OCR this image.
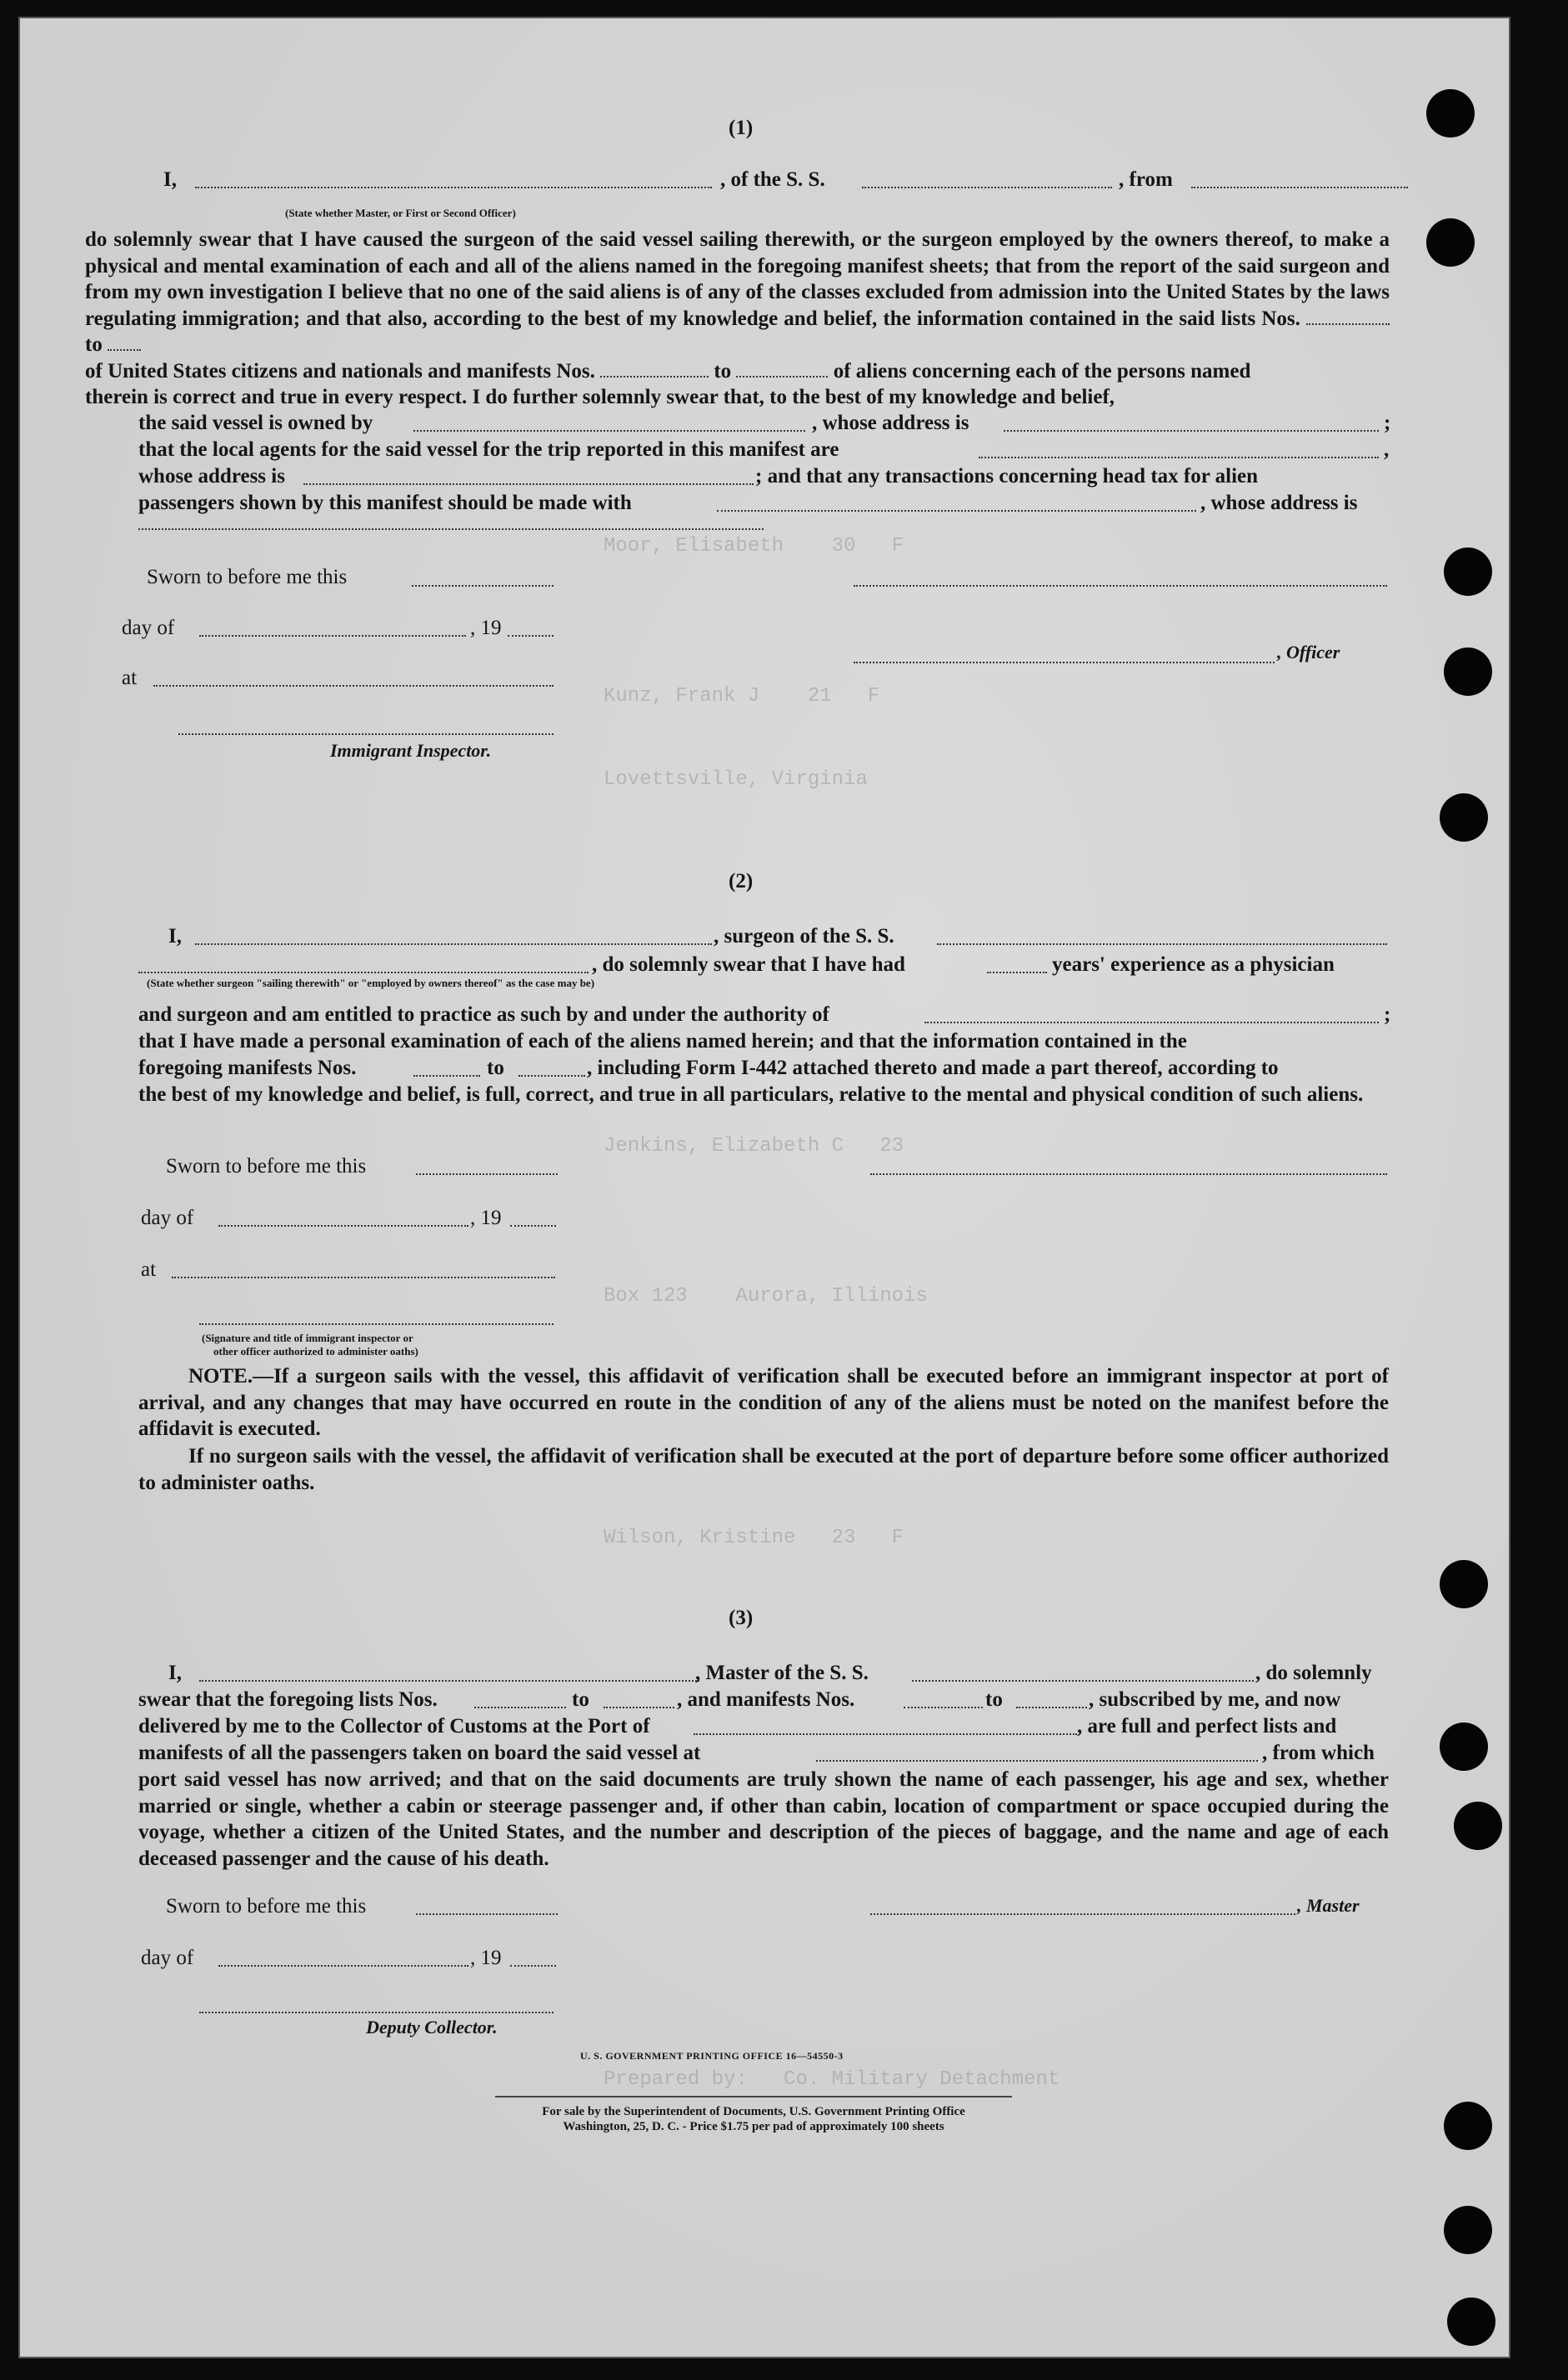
Moor, Elisabeth    30   F
Kunz, Frank J    21   F
Lovettsville, Virginia
Jenkins, Elizabeth C   23
Box 123    Aurora, Illinois
Wilson, Kristine   23   F
Prepared by:   Co. Military Detachment
(1)
I,	, of the S. S.	, from
(State whether Master, or First or Second Officer)
do solemnly swear that I have caused the surgeon of the said vessel sailing therewith, or the surgeon employed by the owners thereof, to make a physical and mental examination of each and all of the aliens named in the foregoing manifest sheets; that from the report of the said surgeon and from my own investigation I believe that no one of the said aliens is of any of the classes excluded from admission into the United States by the laws regulating immigration; and that also, according to the best of my knowledge and belief, the information contained in the said lists Nos.  to
of United States citizens and nationals and manifests Nos.	to	of aliens concerning each of the persons named
therein is correct and true in every respect. I do further solemnly swear that, to the best of my knowledge and belief,
the said vessel is owned by	, whose address is	;
that the local agents for the said vessel for the trip reported in this manifest are	,
whose address is	; and that any transactions concerning head tax for alien
passengers shown by this manifest should be made with	, whose address is
Sworn to before me this
day of	, 19
, Officer
at
Immigrant Inspector.
(2)
I,	, surgeon of the S. S.
, do solemnly swear that I have had	years' experience as a physician
(State whether surgeon "sailing therewith" or "employed by owners thereof" as the case may be)
and surgeon and am entitled to practice as such by and under the authority of	;
that I have made a personal examination of each of the aliens named herein; and that the information contained in the
foregoing manifests Nos.	to	, including Form I-442 attached thereto and made a part thereof, according to
the best of my knowledge and belief, is full, correct, and true in all particulars, relative to the mental and physical condition of such aliens.
Sworn to before me this
day of	, 19
at
(Signature and title of immigrant inspector or
other officer authorized to administer oaths)
NOTE.—If a surgeon sails with the vessel, this affidavit of verification shall be executed before an immigrant inspector at port of arrival, and any changes that may have occurred en route in the condition of any of the aliens must be noted on the manifest before the affidavit is executed.
If no surgeon sails with the vessel, the affidavit of verification shall be executed at the port of departure before some officer authorized to administer oaths.
(3)
I,	, Master of the S. S.	, do solemnly
swear that the foregoing lists Nos.	to	, and manifests Nos.	to	, subscribed by me, and now
delivered by me to the Collector of Customs at the Port of	, are full and perfect lists and
manifests of all the passengers taken on board the said vessel at	, from which
port said vessel has now arrived; and that on the said documents are truly shown the name of each passenger, his age and sex, whether married or single, whether a cabin or steerage passenger and, if other than cabin, location of compartment or space occupied during the voyage, whether a citizen of the United States, and the number and description of the pieces of baggage, and the name and age of each deceased passenger and the cause of his death.
Sworn to before me this	, Master
day of	, 19
Deputy Collector.
U. S. GOVERNMENT PRINTING OFFICE 16—54550-3
For sale by the Superintendent of Documents, U.S. Government Printing Office
Washington, 25, D. C. - Price $1.75 per pad of approximately 100 sheets
